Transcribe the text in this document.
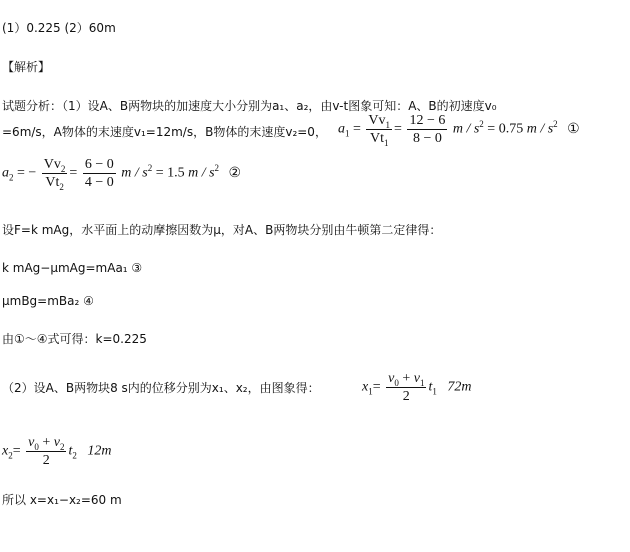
(1）0.225 (2）60m
【解析】
试题分析：（1）设A、B两物块的加速度大小分别为a₁、a₂，由v-t图象可知：A、B的初速度v₀
=6m/s，A物体的末速度v₁=12m/s，B物体的末速度v₂=0， $a_1 = \frac{Vv_1}{Vt_1} = \frac{12 - 6}{8 - 0}$ $m / s^2 = 0.75$ m / $s^2$ ①
$a_2$ = − $\frac{Vv_2}{Vt_2} = \frac{6 - 0}{4 - 0}$ $m / s^2 = 1.5$ m / $s^2$ ②
设F=k mAg，水平面上的动摩擦因数为μ，对A、B两物块分别由牛顿第二定律得：
k mAg−μmAg=mAa₁ ③
μmBg=mBa₂ ④
由①～④式可得：k=0.225
（2）设A、B两物块8 s内的位移分别为x₁、x₂，由图象得：	$x_1= \frac{v_0 + v_1}{2} t_1$ 72m
$x_2= \frac{v_0 + v_2}{2} t_2$ 12m
所以 x=x₁−x₂=60 m
